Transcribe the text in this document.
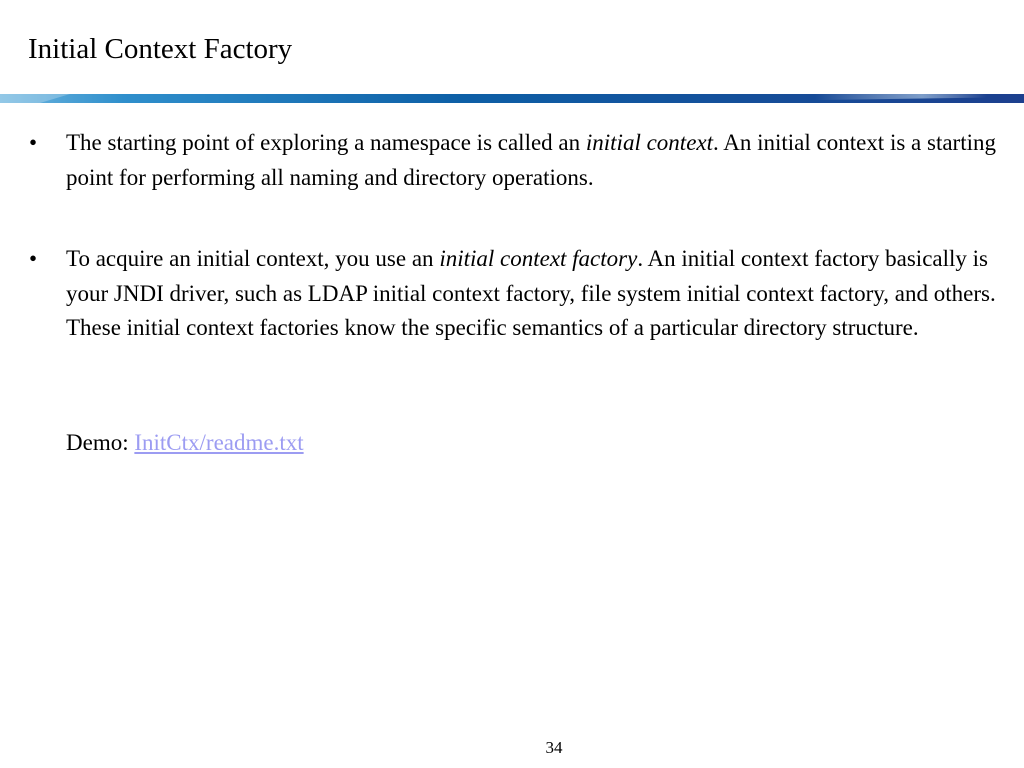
Initial Context Factory
• The starting point of exploring a namespace is called an initial context. An initial context is a starting point for performing all naming and directory operations.
• To acquire an initial context, you use an initial context factory. An initial context factory basically is your JNDI driver, such as LDAP initial context factory, file system initial context factory, and others. These initial context factories know the specific semantics of a particular directory structure.
Demo: InitCtx/readme.txt
34
